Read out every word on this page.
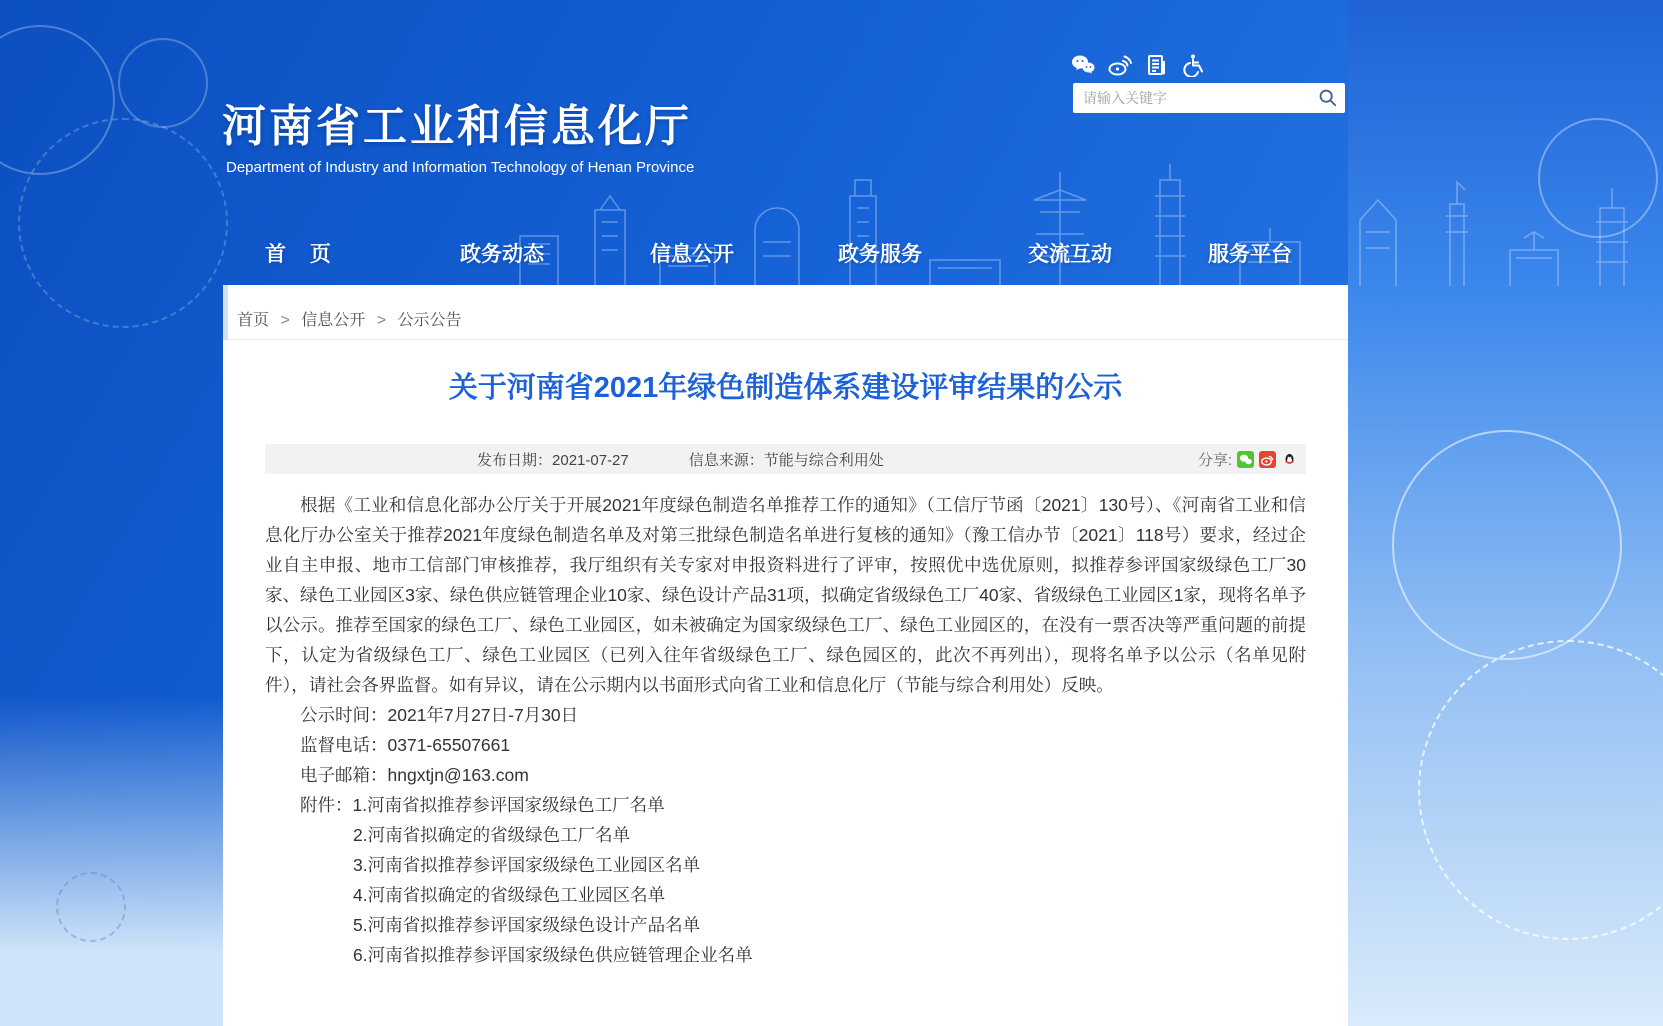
河南省工业和信息化厅
Department of Industry and Information Technology of Henan Province
请输入关键字
首 页	政务动态	信息公开	政务服务	交流互动	服务平台
首页 > 信息公开 > 公示公告
关于河南省2021年绿色制造体系建设评审结果的公示
发布日期：2021-07-27	信息来源：节能与综合利用处	分享:

根据《工业和信息化部办公厅关于开展2021年度绿色制造名单推荐工作的通知》（工信厅节函〔2021〕130号）、《河南省工业和信息化厅办公室关于推荐2021年度绿色制造名单及对第三批绿色制造名单进行复核的通知》（豫工信办节〔2021〕118号）要求，经过企业自主申报、地市工信部门审核推荐，我厅组织有关专家对申报资料进行了评审，按照优中选优原则，拟推荐参评国家级绿色工厂30家、绿色工业园区3家、绿色供应链管理企业10家、绿色设计产品31项，拟确定省级绿色工厂40家、省级绿色工业园区1家，现将名单予以公示。推荐至国家的绿色工厂、绿色工业园区，如未被确定为国家级绿色工厂、绿色工业园区的，在没有一票否决等严重问题的前提下，认定为省级绿色工厂、绿色工业园区（已列入往年省级绿色工厂、绿色园区的，此次不再列出），现将名单予以公示（名单见附件），请社会各界监督。如有异议，请在公示期内以书面形式向省工业和信息化厅（节能与综合利用处）反映。

公示时间：2021年7月27日-7月30日
监督电话：0371-65507661
电子邮箱：hngxtjn@163.com
附件：1.河南省拟推荐参评国家级绿色工厂名单
2.河南省拟确定的省级绿色工厂名单
3.河南省拟推荐参评国家级绿色工业园区名单
4.河南省拟确定的省级绿色工业园区名单
5.河南省拟推荐参评国家级绿色设计产品名单
6.河南省拟推荐参评国家级绿色供应链管理企业名单
